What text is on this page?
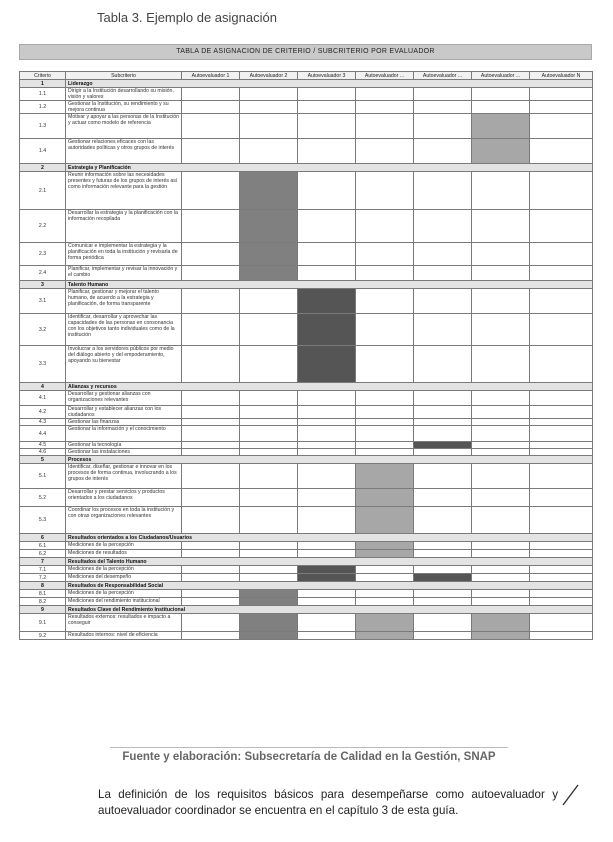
Tabla 3. Ejemplo de asignación
TABLA DE ASIGNACION DE CRITERIO / SUBCRITERIO POR EVALUADOR
Criterio	Subcriterio	Autoevaluador 1	Autoevaluador 2	Autoevaluador 3	Autoevaluador ...	Autoevaluador ...	Autoevaluador ...	Autoevaluador N
1	Liderazgo							
1.1	Dirigir a la Institución desarrollando su misión, visión y valores							
1.2	Gestionar la Institución, su rendimiento y su mejora continua							
1.3	Motivar y apoyar a las personas de la Institución y actuar como modelo de referencia							
1.4	Gestionar relaciones eficaces con las autoridades políticas y otros grupos de interés							
2	Estrategia y Planificación							
2.1	Reunir información sobre las necesidades presentes y futuras de los grupos de interés así como información relevante para la gestión							
2.2	Desarrollar la estrategia y la planificación con la información recopilada							
2.3	Comunicar e implementar la estrategia y la planificación en toda la institución y revisarla de forma periódica							
2.4	Planificar, implementar y revisar la innovación y el cambio							
3	Talento Humano							
3.1	Planificar, gestionar y mejorar el talento humano, de acuerdo a la estrategia y planificación, de forma transparente							
3.2	Identificar, desarrollar y aprovechar las capacidades de las personas en consonancia con los objetivos tanto individuales como de la institución							
3.3	Involucrar a los servidores públicos por medio del diálogo abierto y del empoderamiento, apoyando su bienestar							
4	Alianzas y recursos							
4.1	Desarrollar y gestionar alianzas con organizaciones relevantes							
4.2	Desarrollar y establecer alianzas con los ciudadanos							
4.3	Gestionar las finanzas							
4.4	Gestionar la información y el conocimiento							
4.5	Gestionar la tecnología							
4.6	Gestionar las instalaciones							
5	Procesos							
5.1	Identificar, diseñar, gestionar e innovar en los procesos de forma continua, involucrando a los grupos de interés							
5.2	Desarrollar y prestar servicios y productos orientados a los ciudadanos							
5.3	Coordinar los procesos en toda la institución y con otras organizaciones relevantes							
6	Resultados orientados a los Ciudadanos/Usuarios							
6.1	Mediciones de la percepción							
6.2	Mediciones de resultados							
7	Resultados del Talento Humano							
7.1	Mediciones de la percepción							
7.2	Mediciones del desempeño							
8	Resultados de Responsabilidad Social							
8.1	Mediciones de la percepción							
8.2	Mediciones del rendimiento institucional							
9	Resultados Clave del Rendimiento Institucional							
9.1	Resultados externos: resultados e impacto a conseguir							
9.2	Resultados internos: nivel de eficiencia							
Fuente y elaboración: Subsecretaría de Calidad en la Gestión, SNAP
La definición de los requisitos básicos para desempeñarse como autoevaluador y autoevaluador coordinador se encuentra en el capítulo 3 de esta guía.
